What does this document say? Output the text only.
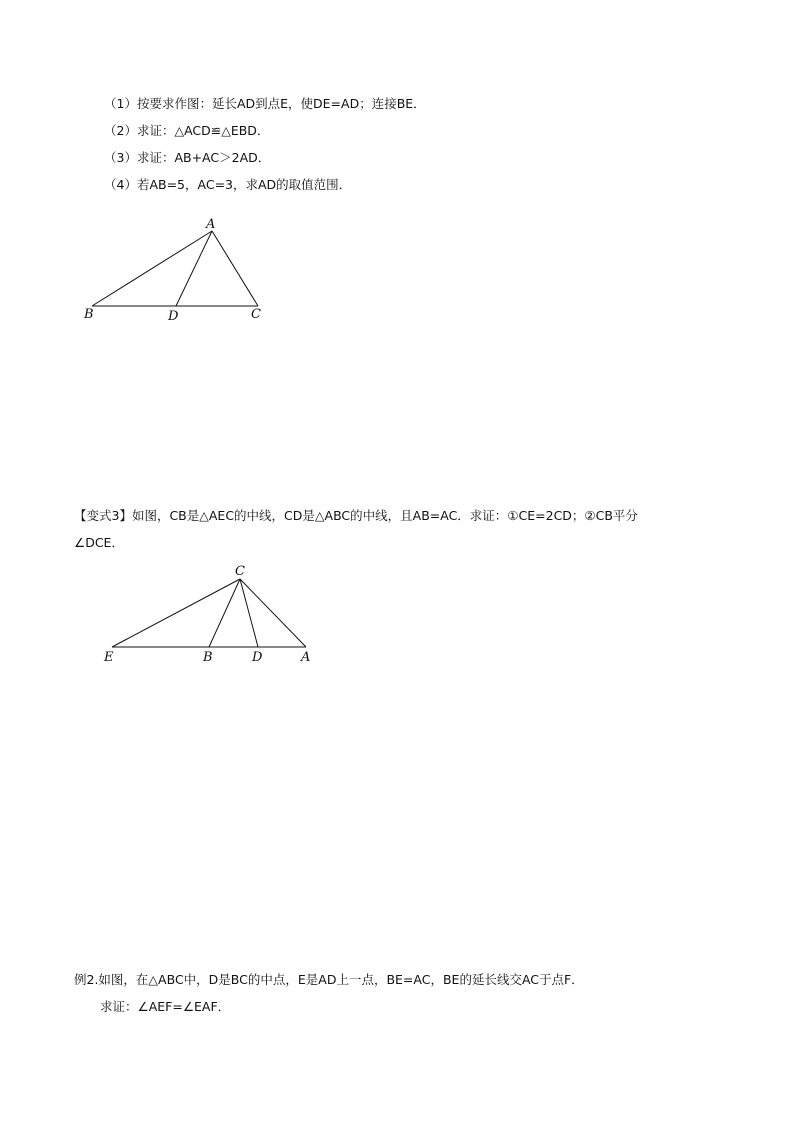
（1）按要求作图：延长AD到点E，使DE=AD；连接BE．
（2）求证：△ACD≌△EBD．
（3）求证：AB+AC＞2AD．
（4）若AB=5，AC=3，求AD的取值范围．
A
B	D	C
【变式3】如图，CB是△AEC的中线，CD是△ABC的中线，且AB=AC．求证：①CE=2CD；②CB平分
∠DCE．
C
E	B	D	A
例2.如图，在△ABC中，D是BC的中点，E是AD上一点，BE=AC，BE的延长线交AC于点F．
求证：∠AEF=∠EAF．
